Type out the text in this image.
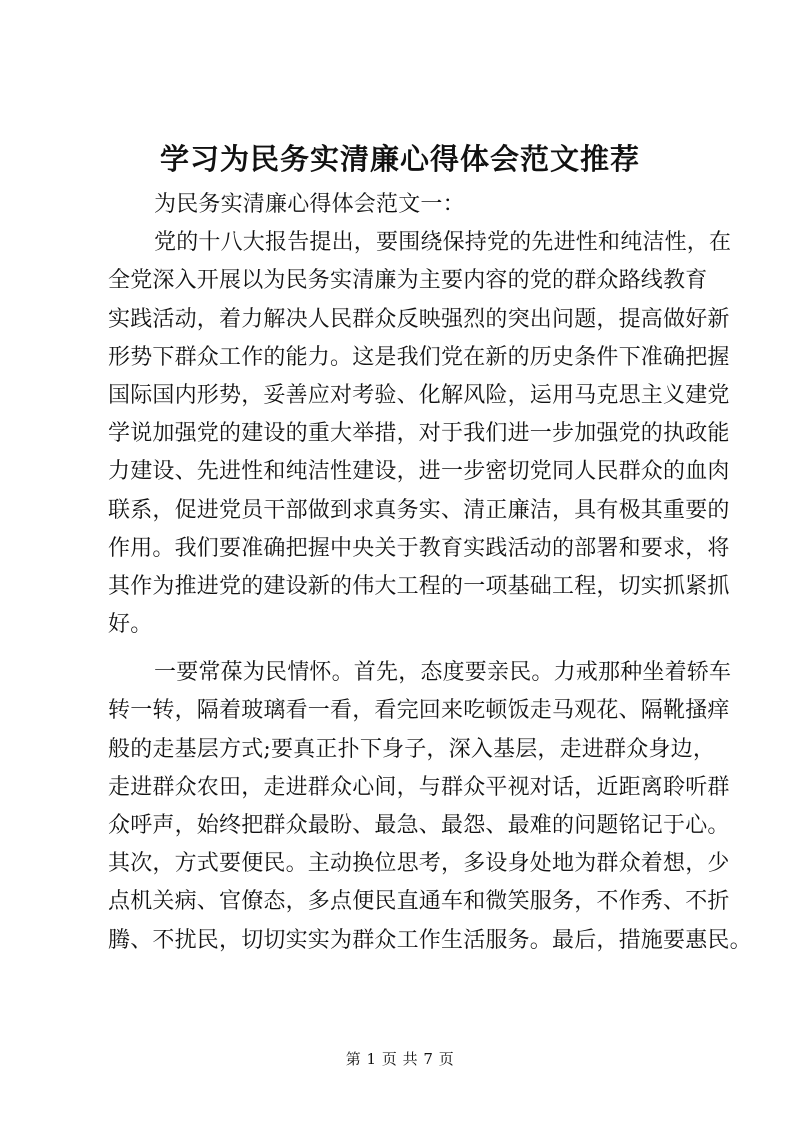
学习为民务实清廉心得体会范文推荐
为民务实清廉心得体会范文一：
党的十八大报告提出，要围绕保持党的先进性和纯洁性，在
全党深入开展以为民务实清廉为主要内容的党的群众路线教育
实践活动，着力解决人民群众反映强烈的突出问题，提高做好新
形势下群众工作的能力。这是我们党在新的历史条件下准确把握
国际国内形势，妥善应对考验、化解风险，运用马克思主义建党
学说加强党的建设的重大举措，对于我们进一步加强党的执政能
力建设、先进性和纯洁性建设，进一步密切党同人民群众的血肉
联系，促进党员干部做到求真务实、清正廉洁，具有极其重要的
作用。我们要准确把握中央关于教育实践活动的部署和要求，将
其作为推进党的建设新的伟大工程的一项基础工程，切实抓紧抓
好。
一要常葆为民情怀。首先，态度要亲民。力戒那种坐着轿车
转一转，隔着玻璃看一看，看完回来吃顿饭走马观花、隔靴搔痒
般的走基层方式;要真正扑下身子，深入基层，走进群众身边，
走进群众农田，走进群众心间，与群众平视对话，近距离聆听群
众呼声，始终把群众最盼、最急、最怨、最难的问题铭记于心。
其次，方式要便民。主动换位思考，多设身处地为群众着想，少
点机关病、官僚态，多点便民直通车和微笑服务，不作秀、不折
腾、不扰民，切切实实为群众工作生活服务。最后，措施要惠民。
第 1 页 共 7 页
